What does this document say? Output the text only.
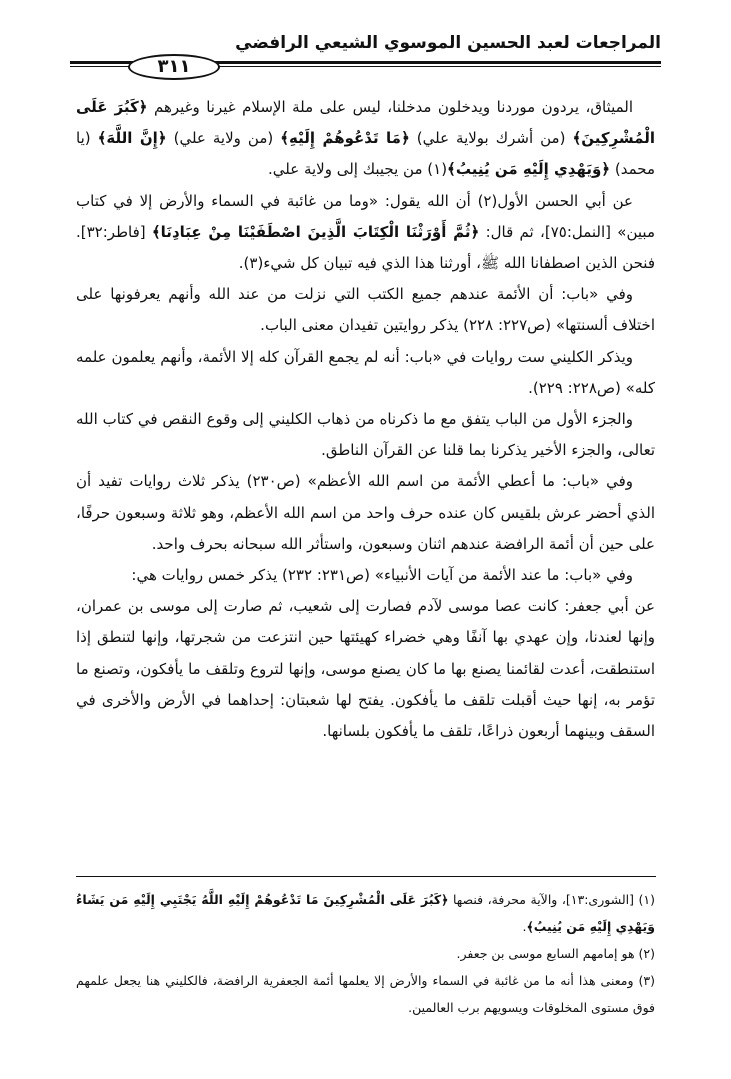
المراجعات لعبد الحسين الموسوي الشيعي الرافضي
٣١١

الميثاق، يردون موردنا ويدخلون مدخلنا، ليس على ملة الإسلام غيرنا وغيرهم ﴿كَبُرَ عَلَى الْمُشْرِكِينَ﴾ (من أشرك بولاية علي) ﴿مَا تَدْعُوهُمْ إِلَيْهِ﴾ (من ولاية علي) ﴿إِنَّ اللَّهَ﴾ (يا محمد) ﴿وَيَهْدِي إِلَيْهِ مَن يُنِيبُ﴾(١) من يجيبك إلى ولاية علي.

عن أبي الحسن الأول(٢) أن الله يقول: «وما من غائبة في السماء والأرض إلا في كتاب مبين» [النمل:٧٥]، ثم قال: ﴿ثُمَّ أَوْرَثْنَا الْكِتَابَ الَّذِينَ اصْطَفَيْنَا مِنْ عِبَادِنَا﴾ [فاطر:٣٢]. فنحن الذين اصطفانا الله ﷺ، أورثنا هذا الذي فيه تبيان كل شيء(٣).

وفي «باب: أن الأئمة عندهم جميع الكتب التي نزلت من عند الله وأنهم يعرفونها على اختلاف ألسنتها» (ص٢٢٧: ٢٢٨) يذكر روايتين تفيدان معنى الباب.

ويذكر الكليني ست روايات في «باب: أنه لم يجمع القرآن كله إلا الأئمة، وأنهم يعلمون علمه كله» (ص٢٢٨: ٢٢٩).

والجزء الأول من الباب يتفق مع ما ذكرناه من ذهاب الكليني إلى وقوع النقص في كتاب الله تعالى، والجزء الأخير يذكرنا بما قلنا عن القرآن الناطق.

وفي «باب: ما أعطي الأئمة من اسم الله الأعظم» (ص٢٣٠) يذكر ثلاث روايات تفيد أن الذي أحضر عرش بلقيس كان عنده حرف واحد من اسم الله الأعظم، وهو ثلاثة وسبعون حرفًا، على حين أن أئمة الرافضة عندهم اثنان وسبعون، واستأثر الله سبحانه بحرف واحد.

وفي «باب: ما عند الأئمة من آيات الأنبياء» (ص٢٣١: ٢٣٢) يذكر خمس روايات هي:

عن أبي جعفر: كانت عصا موسى لآدم فصارت إلى شعيب، ثم صارت إلى موسى بن عمران، وإنها لعندنا، وإن عهدي بها آنفًا وهي خضراء كهيئتها حين انتزعت من شجرتها، وإنها لتنطق إذا استنطقت، أعدت لقائمنا يصنع بها ما كان يصنع موسى، وإنها لتروع وتلقف ما يأفكون، وتصنع ما تؤمر به، إنها حيث أقبلت تلقف ما يأفكون. يفتح لها شعبتان: إحداهما في الأرض والأخرى في السقف وبينهما أربعون ذراعًا، تلقف ما يأفكون بلسانها.

(١) [الشورى:١٣]، والآية محرفة، فنصها ﴿كَبُرَ عَلَى الْمُشْرِكِينَ مَا تَدْعُوهُمْ إِلَيْهِ اللَّهُ يَجْتَبِي إِلَيْهِ مَن يَشَاءُ وَيَهْدِي إِلَيْهِ مَن يُنِيبُ﴾.

(٢) هو إمامهم السابع موسى بن جعفر.

(٣) ومعنى هذا أنه ما من غائبة في السماء والأرض إلا يعلمها أئمة الجعفرية الرافضة، فالكليني هنا يجعل علمهم فوق مستوى المخلوقات ويسويهم برب العالمين.
